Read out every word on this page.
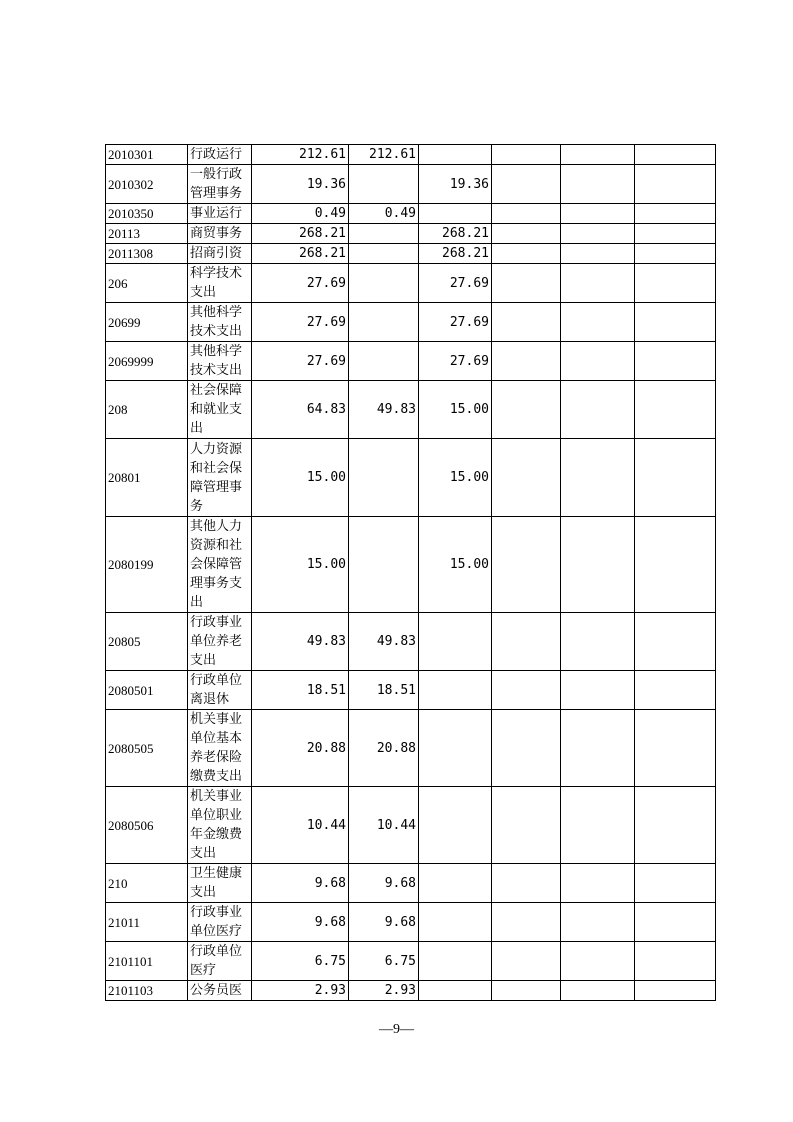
2010301	行政运行	212.61	212.61				
2010302	一般行政管理事务	19.36		19.36			
2010350	事业运行	0.49	0.49				
20113	商贸事务	268.21		268.21			
2011308	招商引资	268.21		268.21			
206	科学技术支出	27.69		27.69			
20699	其他科学技术支出	27.69		27.69			
2069999	其他科学技术支出	27.69		27.69			
208	社会保障和就业支出	64.83	49.83	15.00			
20801	人力资源和社会保障管理事务	15.00		15.00			
2080199	其他人力资源和社会保障管理事务支出	15.00		15.00			
20805	行政事业单位养老支出	49.83	49.83				
2080501	行政单位离退休	18.51	18.51				
2080505	机关事业单位基本养老保险缴费支出	20.88	20.88				
2080506	机关事业单位职业年金缴费支出	10.44	10.44				
210	卫生健康支出	9.68	9.68				
21011	行政事业单位医疗	9.68	9.68				
2101101	行政单位医疗	6.75	6.75				
2101103	公务员医	2.93	2.93				
—9—
